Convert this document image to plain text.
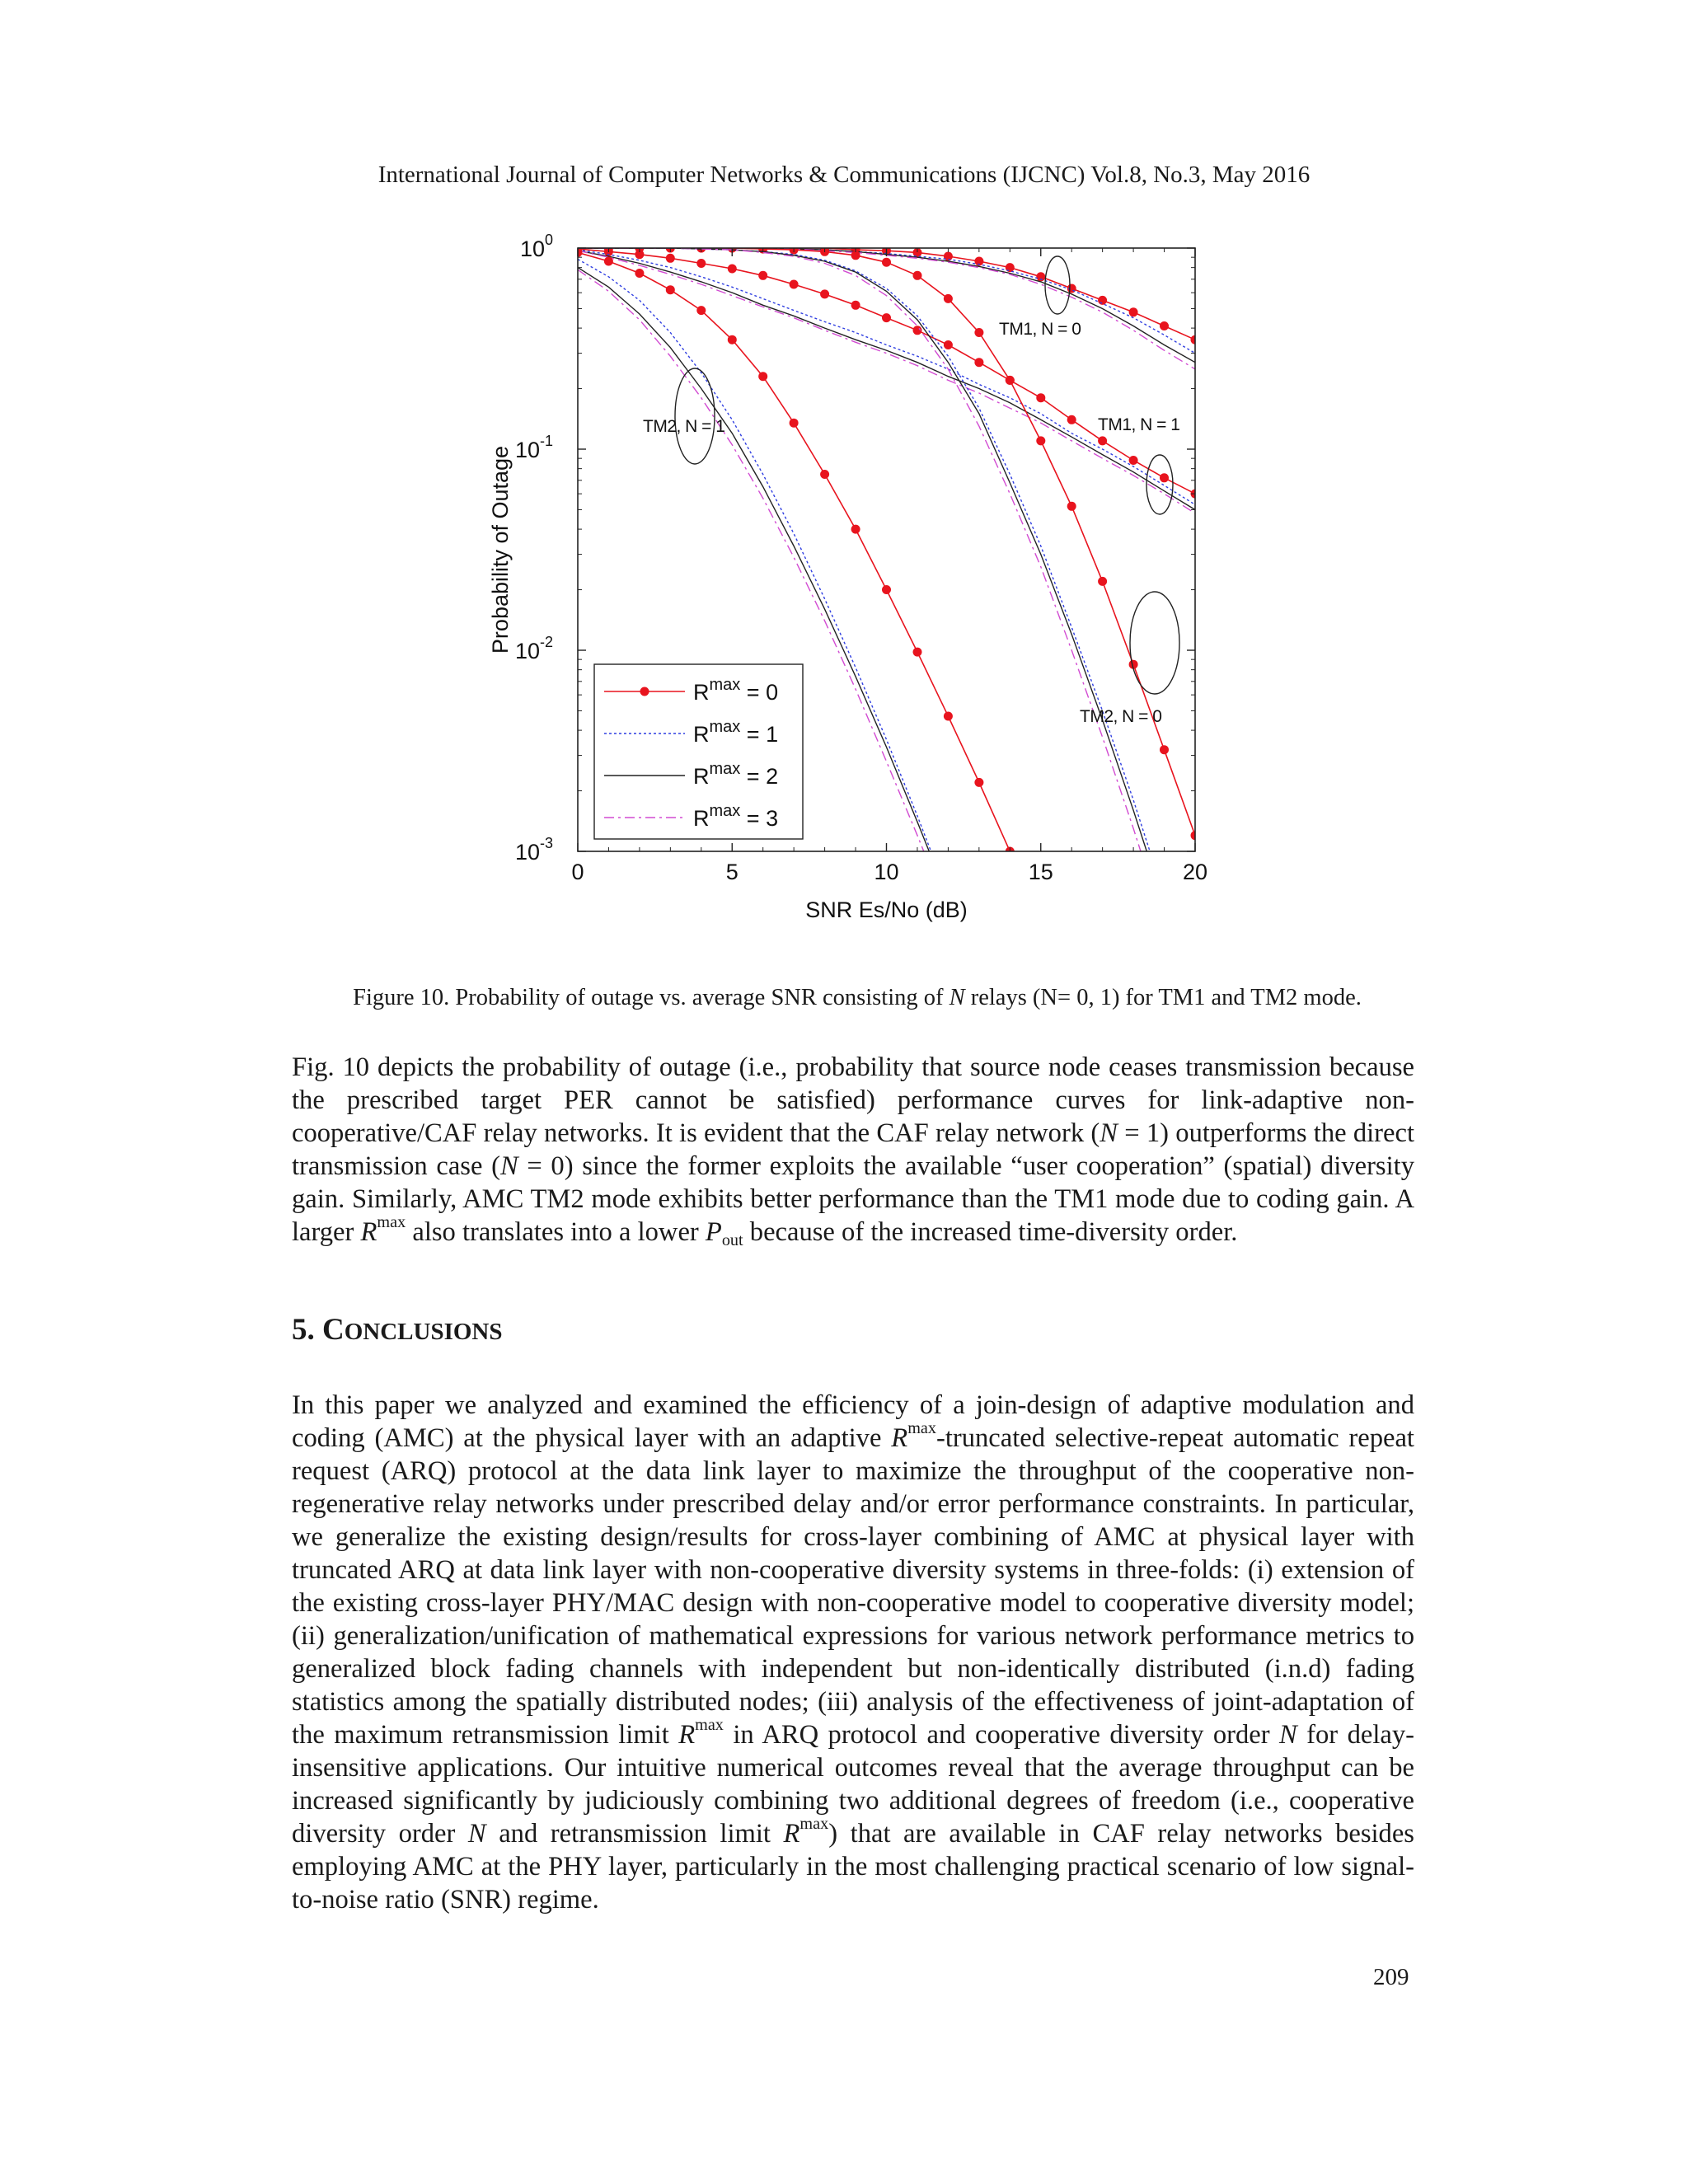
International Journal of Computer Networks & Communications (IJCNC) Vol.8, No.3, May 2016
0	5	10	15	20
$10^0$
$10^{-1}$
$10^{-2}$
$10^{-3}$
SNR Es/No (dB)
Probability of Outage
TM1, N = 0
TM1, N = 1
TM2, N = 1
TM2, N = 0
$R^{max} = 0$
$R^{max} = 1$
$R^{max} = 2$
$R^{max} = 3$
Figure 10. Probability of outage vs. average SNR consisting of N relays (N= 0, 1) for TM1 and TM2 mode.

Fig. 10 depicts the probability of outage (i.e., probability that source node ceases transmission because the prescribed target PER cannot be satisfied) performance curves for link-adaptive non-cooperative/CAF relay networks. It is evident that the CAF relay network (N = 1) outperforms the direct transmission case (N = 0) since the former exploits the available “user cooperation” (spatial) diversity gain. Similarly, AMC TM2 mode exhibits better performance than the TM1 mode due to coding gain. A larger $R^{max}$ also translates into a lower $P_{out}$ because of the increased time-diversity order.

5. CONCLUSIONS

In this paper we analyzed and examined the efficiency of a join-design of adaptive modulation and coding (AMC) at the physical layer with an adaptive $R^{max}$-truncated selective-repeat automatic repeat request (ARQ) protocol at the data link layer to maximize the throughput of the cooperative non-regenerative relay networks under prescribed delay and/or error performance constraints. In particular, we generalize the existing design/results for cross-layer combining of AMC at physical layer with truncated ARQ at data link layer with non-cooperative diversity systems in three-folds: (i) extension of the existing cross-layer PHY/MAC design with non-cooperative model to cooperative diversity model; (ii) generalization/unification of mathematical expressions for various network performance metrics to generalized block fading channels with independent but non-identically distributed (i.n.d) fading statistics among the spatially distributed nodes; (iii) analysis of the effectiveness of joint-adaptation of the maximum retransmission limit $R^{max}$ in ARQ protocol and cooperative diversity order N for delay-insensitive applications. Our intuitive numerical outcomes reveal that the average throughput can be increased significantly by judiciously combining two additional degrees of freedom (i.e., cooperative diversity order N and retransmission limit $R^{max}$) that are available in CAF relay networks besides employing AMC at the PHY layer, particularly in the most challenging practical scenario of low signal-to-noise ratio (SNR) regime.

209
